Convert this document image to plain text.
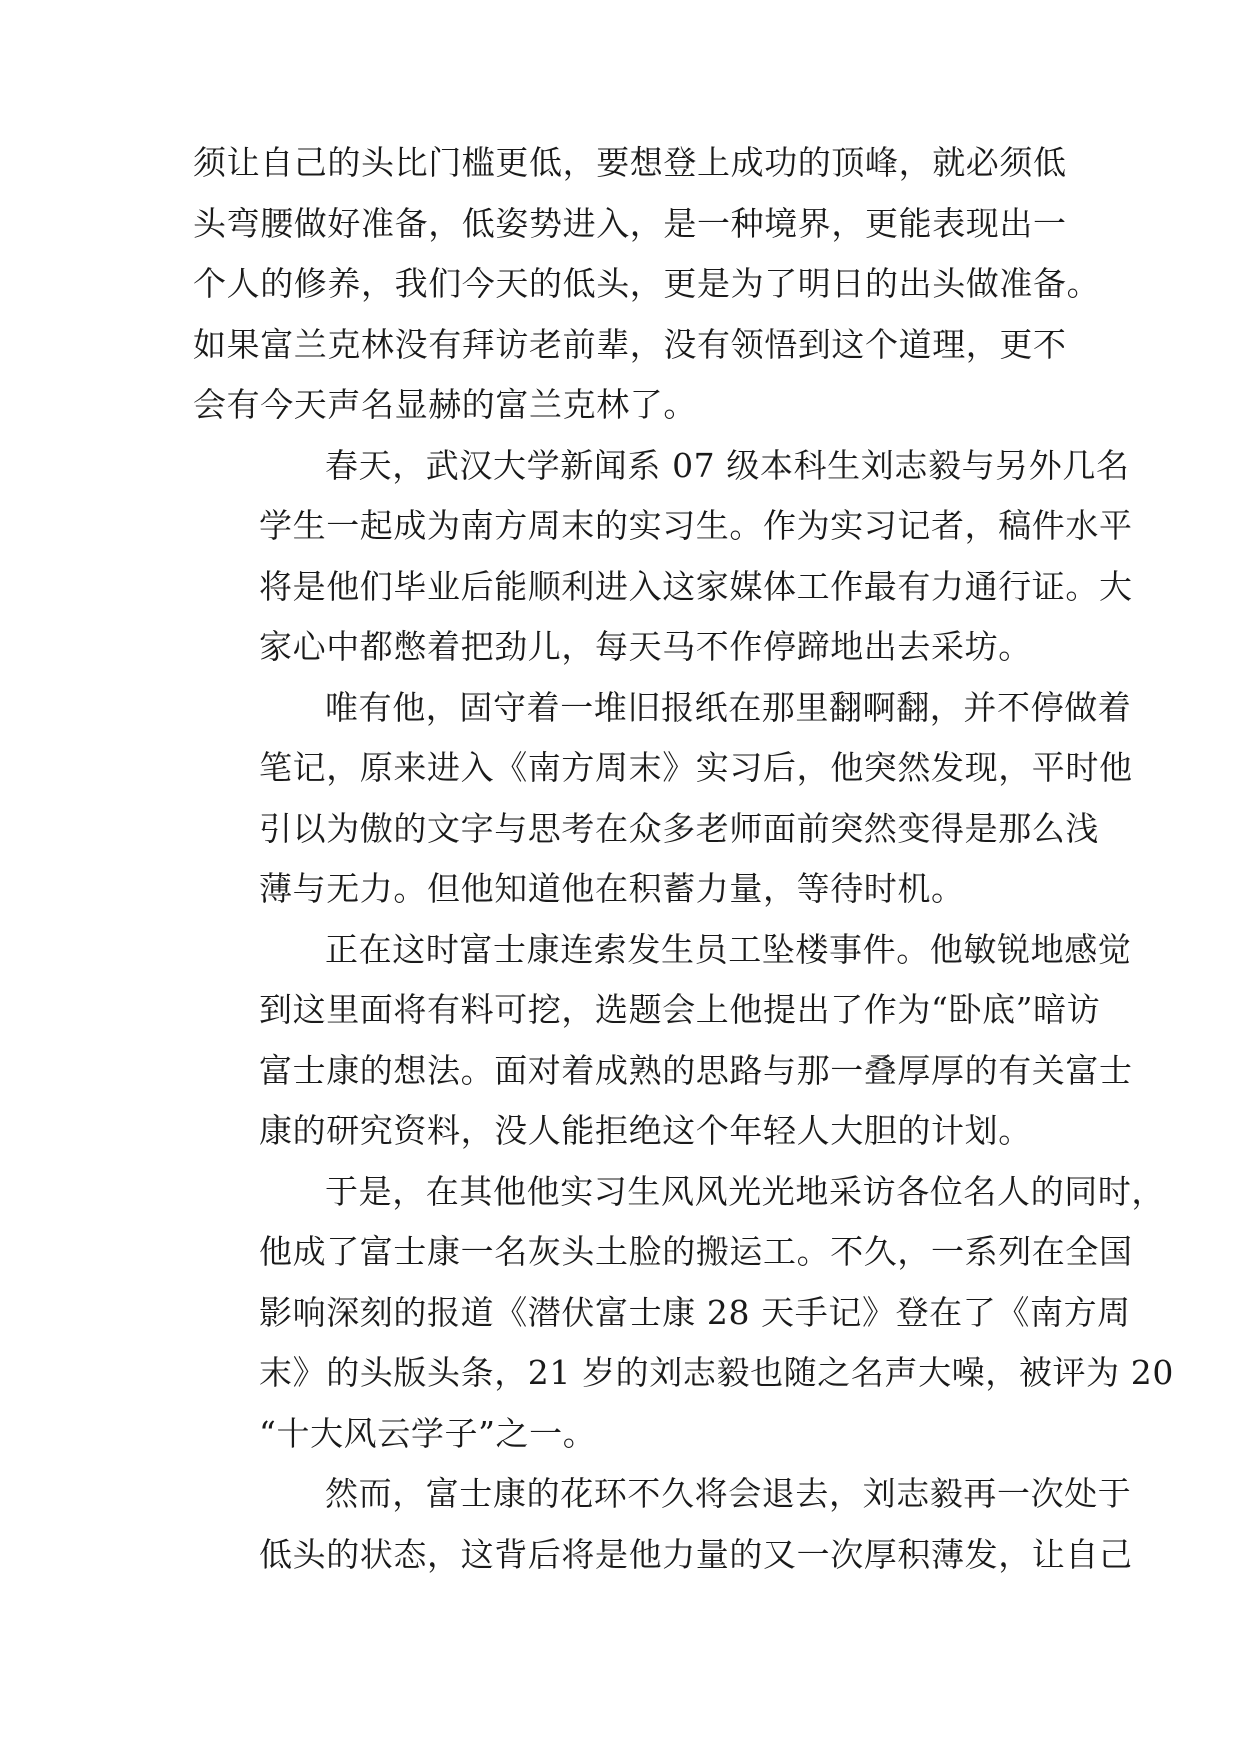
须让自己的头比门槛更低，要想登上成功的顶峰，就必须低
头弯腰做好准备，低姿势进入，是一种境界，更能表现出一
个人的修养，我们今天的低头，更是为了明日的出头做准备。
如果富兰克林没有拜访老前辈，没有领悟到这个道理，更不
会有今天声名显赫的富兰克林了。
春天，武汉大学新闻系 07 级本科生刘志毅与另外几名
学生一起成为南方周末的实习生。作为实习记者，稿件水平
将是他们毕业后能顺利进入这家媒体工作最有力通行证。大
家心中都憋着把劲儿，每天马不作停蹄地出去采坊。
唯有他，固守着一堆旧报纸在那里翻啊翻，并不停做着
笔记，原来进入《南方周末》实习后，他突然发现，平时他
引以为傲的文字与思考在众多老师面前突然变得是那么浅
薄与无力。但他知道他在积蓄力量，等待时机。
正在这时富士康连索发生员工坠楼事件。他敏锐地感觉
到这里面将有料可挖，选题会上他提出了作为“卧底”暗访
富士康的想法。面对着成熟的思路与那一叠厚厚的有关富士
康的研究资料，没人能拒绝这个年轻人大胆的计划。
于是，在其他他实习生风风光光地采访各位名人的同时，
他成了富士康一名灰头土脸的搬运工。不久，一系列在全国
影响深刻的报道《潜伏富士康 28 天手记》登在了《南方周
末》的头版头条，21 岁的刘志毅也随之名声大噪，被评为 20
“十大风云学子”之一。
然而，富士康的花环不久将会退去，刘志毅再一次处于
低头的状态，这背后将是他力量的又一次厚积薄发，让自己
